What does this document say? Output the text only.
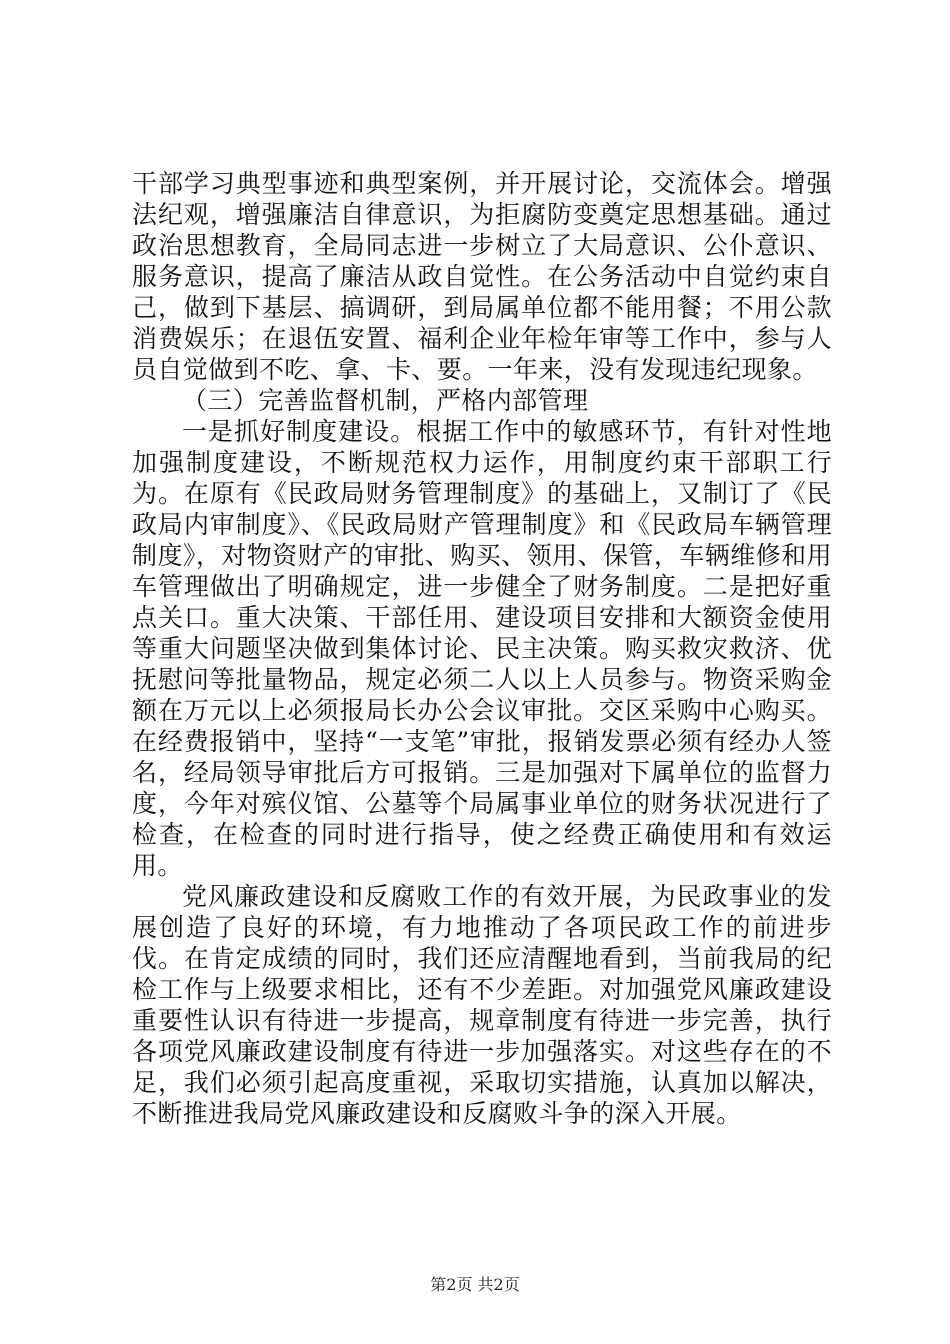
干部学习典型事迹和典型案例，并开展讨论，交流体会。增强法纪观，增强廉洁自律意识，为拒腐防变奠定思想基础。通过政治思想教育，全局同志进一步树立了大局意识、公仆意识、服务意识，提高了廉洁从政自觉性。在公务活动中自觉约束自己，做到下基层、搞调研，到局属单位都不能用餐；不用公款消费娱乐；在退伍安置、福利企业年检年审等工作中，参与人员自觉做到不吃、拿、卡、要。一年来，没有发现违纪现象。

（三）完善监督机制，严格内部管理

一是抓好制度建设。根据工作中的敏感环节，有针对性地加强制度建设，不断规范权力运作，用制度约束干部职工行为。在原有《民政局财务管理制度》的基础上，又制订了《民政局内审制度》、《民政局财产管理制度》和《民政局车辆管理制度》，对物资财产的审批、购买、领用、保管，车辆维修和用车管理做出了明确规定，进一步健全了财务制度。二是把好重点关口。重大决策、干部任用、建设项目安排和大额资金使用等重大问题坚决做到集体讨论、民主决策。购买救灾救济、优抚慰问等批量物品，规定必须二人以上人员参与。物资采购金额在万元以上必须报局长办公会议审批。交区采购中心购买。在经费报销中，坚持“一支笔”审批，报销发票必须有经办人签名，经局领导审批后方可报销。三是加强对下属单位的监督力度，今年对殡仪馆、公墓等个局属事业单位的财务状况进行了检查，在检查的同时进行指导，使之经费正确使用和有效运用。

党风廉政建设和反腐败工作的有效开展，为民政事业的发展创造了良好的环境，有力地推动了各项民政工作的前进步伐。在肯定成绩的同时，我们还应清醒地看到，当前我局的纪检工作与上级要求相比，还有不少差距。对加强党风廉政建设重要性认识有待进一步提高，规章制度有待进一步完善，执行各项党风廉政建设制度有待进一步加强落实。对这些存在的不足，我们必须引起高度重视，采取切实措施，认真加以解决，不断推进我局党风廉政建设和反腐败斗争的深入开展。

第2页 共2页
